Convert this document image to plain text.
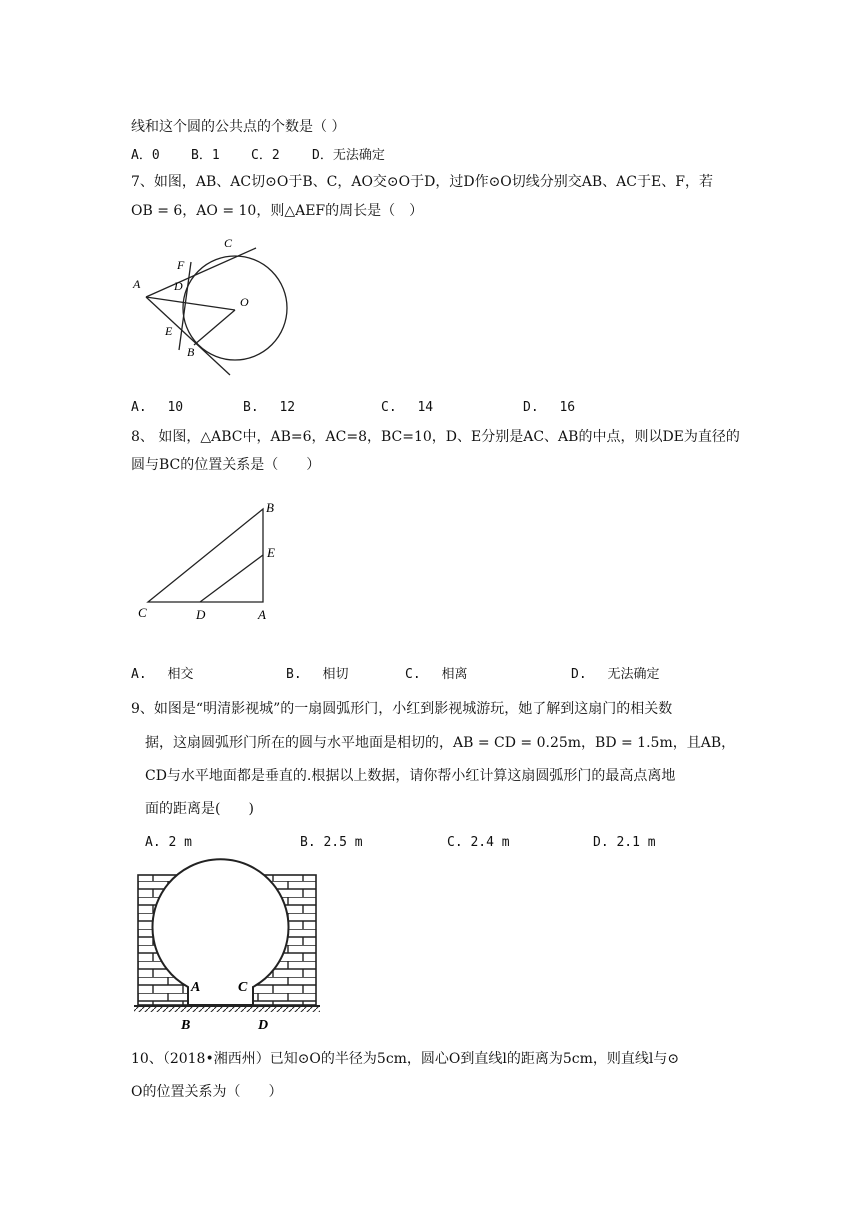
线和这个圆的公共点的个数是（ ）
A．0 B．1 C．2 D．无法确定
7、如图，AB、AC切⊙O于B、C，AO交⊙O于D，过D作⊙O切线分别交AB、AC于E、F，若
OB = 6，AO = 10，则△AEF的周长是（　）
C
F
A	D
O
E
B
A.　 10	B.　 12	C.　 14	D.　 16
8、 如图，△ABC中，AB=6，AC=8，BC=10，D、E分别是AC、AB的中点，则以DE为直径的
圆与BC的位置关系是（　　）
B
E
C	D	A
A.　 相交	B.　 相切	C.　 相离	D.　 无法确定
9、如图是“明清影视城”的一扇圆弧形门，小红到影视城游玩，她了解到这扇门的相关数
据，这扇圆弧形门所在的圆与水平地面是相切的，AB = CD = 0.25m，BD = 1.5m，且AB，
CD与水平地面都是垂直的.根据以上数据，请你帮小红计算这扇圆弧形门的最高点离地
面的距离是(　　)
A. 2 m	B. 2.5 m	C. 2.4 m	D. 2.1 m
A	C
B	D
10、（2018•湘西州）已知⊙O的半径为5cm，圆心O到直线l的距离为5cm，则直线l与⊙
O的位置关系为（　　）
